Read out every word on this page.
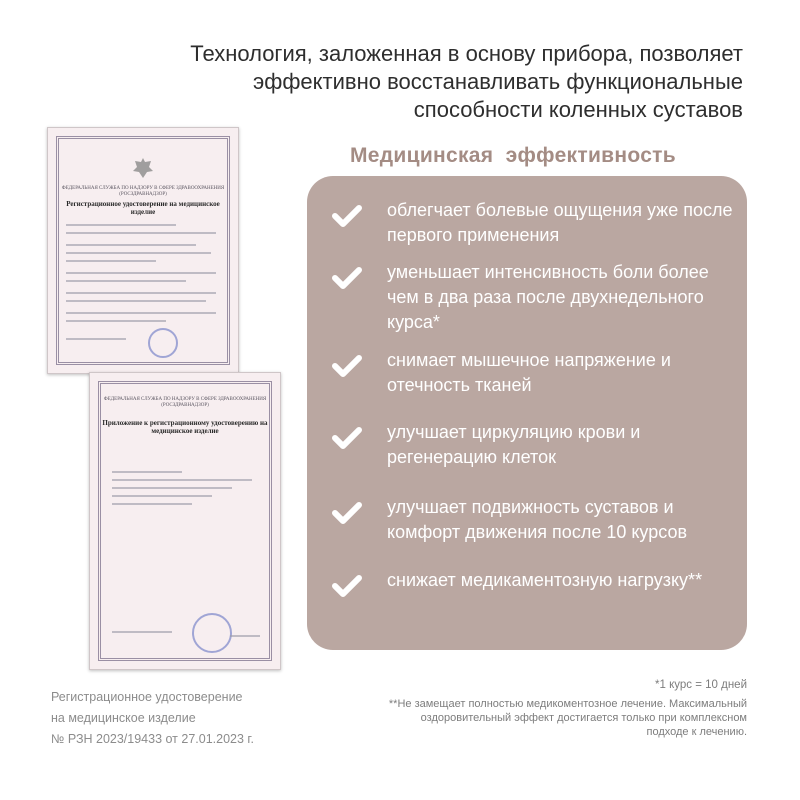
Технология, заложенная в основу прибора, позволяет эффективно восстанавливать функциональные способности коленных суставов
ФЕДЕРАЛЬНАЯ СЛУЖБА ПО НАДЗОРУ В СФЕРЕ ЗДРАВООХРАНЕНИЯ (РОСЗДРАВНАДЗОР)
Регистрационное удостоверение на медицинское изделие
ФЕДЕРАЛЬНАЯ СЛУЖБА ПО НАДЗОРУ В СФЕРЕ ЗДРАВООХРАНЕНИЯ (РОСЗДРАВНАДЗОР)
Приложение к регистрационному удостоверению на медицинское изделие
Медицинская  эффективность
облегчает болевые ощущения уже после первого применения
уменьшает интенсивность боли более чем в два раза после двухнедельного курса*
снимает мышечное напряжение и отечность тканей
улучшает циркуляцию крови и регенерацию клеток
улучшает подвижность суставов и комфорт движения после 10 курсов
снижает медикаментозную нагрузку**
Регистрационное удостоверение
на медицинское изделие
№ РЗН 2023/19433 от 27.01.2023 г.
*1 курс = 10 дней
**Не замещает полностью медикоментозное лечение. Максимальный оздоровительный эффект достигается только при комплексном подходе к лечению.
